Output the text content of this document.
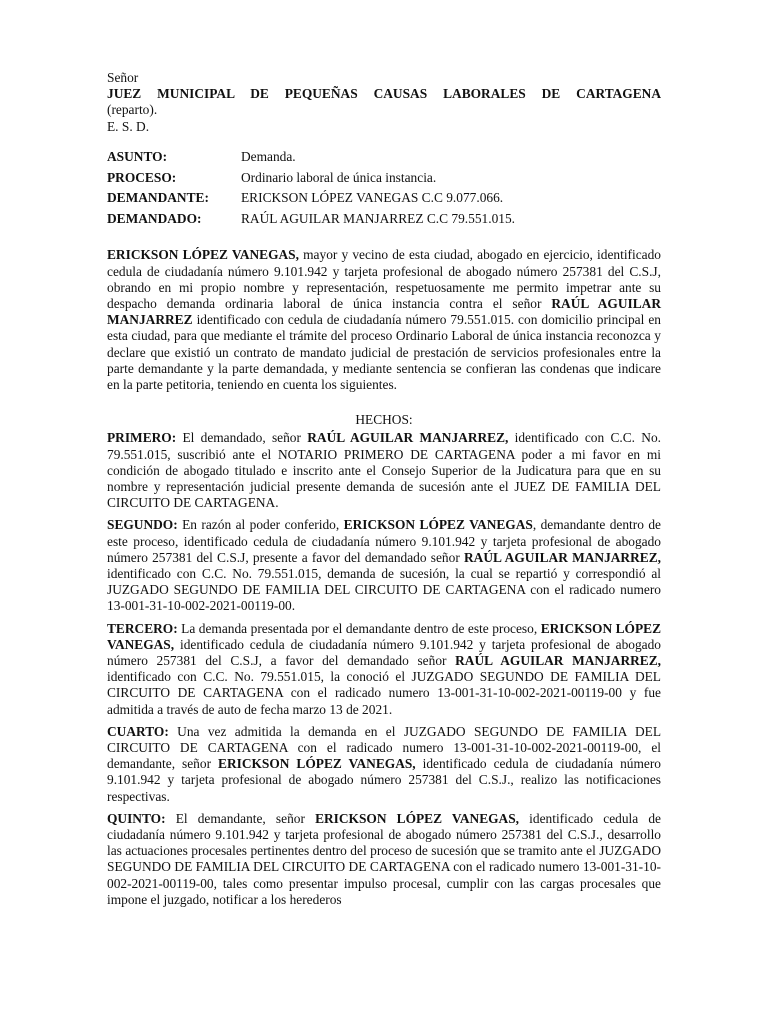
Señor
JUEZ MUNICIPAL DE PEQUEÑAS CAUSAS LABORALES DE CARTAGENA
(reparto).
E. S. D.
ASUNTO:	Demanda.
PROCESO:	Ordinario laboral de única instancia.
DEMANDANTE:	ERICKSON LÓPEZ VANEGAS C.C 9.077.066.
DEMANDADO:	RAÚL AGUILAR MANJARREZ C.C 79.551.015.

ERICKSON LÓPEZ VANEGAS, mayor y vecino de esta ciudad, abogado en ejercicio, identificado cedula de ciudadanía número 9.101.942 y tarjeta profesional de abogado número 257381 del C.S.J, obrando en mi propio nombre y representación, respetuosamente me permito impetrar ante su despacho demanda ordinaria laboral de única instancia contra el señor RAÚL AGUILAR MANJARREZ identificado con cedula de ciudadanía número 79.551.015. con domicilio principal en esta ciudad, para que mediante el trámite del proceso Ordinario Laboral de única instancia reconozca y declare que existió un contrato de mandato judicial de prestación de servicios profesionales entre la parte demandante y la parte demandada, y mediante sentencia se confieran las condenas que indicare en la parte petitoria, teniendo en cuenta los siguientes.

HECHOS:

PRIMERO: El demandado, señor RAÚL AGUILAR MANJARREZ, identificado con C.C. No. 79.551.015, suscribió ante el NOTARIO PRIMERO DE CARTAGENA poder a mi favor en mi condición de abogado titulado e inscrito ante el Consejo Superior de la Judicatura para que en su nombre y representación judicial presente demanda de sucesión ante el JUEZ DE FAMILIA DEL CIRCUITO DE CARTAGENA.

SEGUNDO: En razón al poder conferido, ERICKSON LÓPEZ VANEGAS, demandante dentro de este proceso, identificado cedula de ciudadanía número 9.101.942 y tarjeta profesional de abogado número 257381 del C.S.J, presente a favor del demandado señor RAÚL AGUILAR MANJARREZ, identificado con C.C. No. 79.551.015, demanda de sucesión, la cual se repartió y correspondió al JUZGADO SEGUNDO DE FAMILIA DEL CIRCUITO DE CARTAGENA con el radicado numero 13-001-31-10-002-2021-00119-00.

TERCERO: La demanda presentada por el demandante dentro de este proceso, ERICKSON LÓPEZ VANEGAS, identificado cedula de ciudadanía número 9.101.942 y tarjeta profesional de abogado número 257381 del C.S.J, a favor del demandado señor RAÚL AGUILAR MANJARREZ, identificado con C.C. No. 79.551.015, la conoció el JUZGADO SEGUNDO DE FAMILIA DEL CIRCUITO DE CARTAGENA con el radicado numero 13-001-31-10-002-2021-00119-00 y fue admitida a través de auto de fecha marzo 13 de 2021.

CUARTO: Una vez admitida la demanda en el JUZGADO SEGUNDO DE FAMILIA DEL CIRCUITO DE CARTAGENA con el radicado numero 13-001-31-10-002-2021-00119-00, el demandante, señor ERICKSON LÓPEZ VANEGAS, identificado cedula de ciudadanía número 9.101.942 y tarjeta profesional de abogado número 257381 del C.S.J., realizo las notificaciones respectivas.

QUINTO: El demandante, señor ERICKSON LÓPEZ VANEGAS, identificado cedula de ciudadanía número 9.101.942 y tarjeta profesional de abogado número 257381 del C.S.J., desarrollo las actuaciones procesales pertinentes dentro del proceso de sucesión que se tramito ante el JUZGADO SEGUNDO DE FAMILIA DEL CIRCUITO DE CARTAGENA con el radicado numero 13-001-31-10-002-2021-00119-00, tales como presentar impulso procesal, cumplir con las cargas procesales que impone el juzgado, notificar a los herederos
